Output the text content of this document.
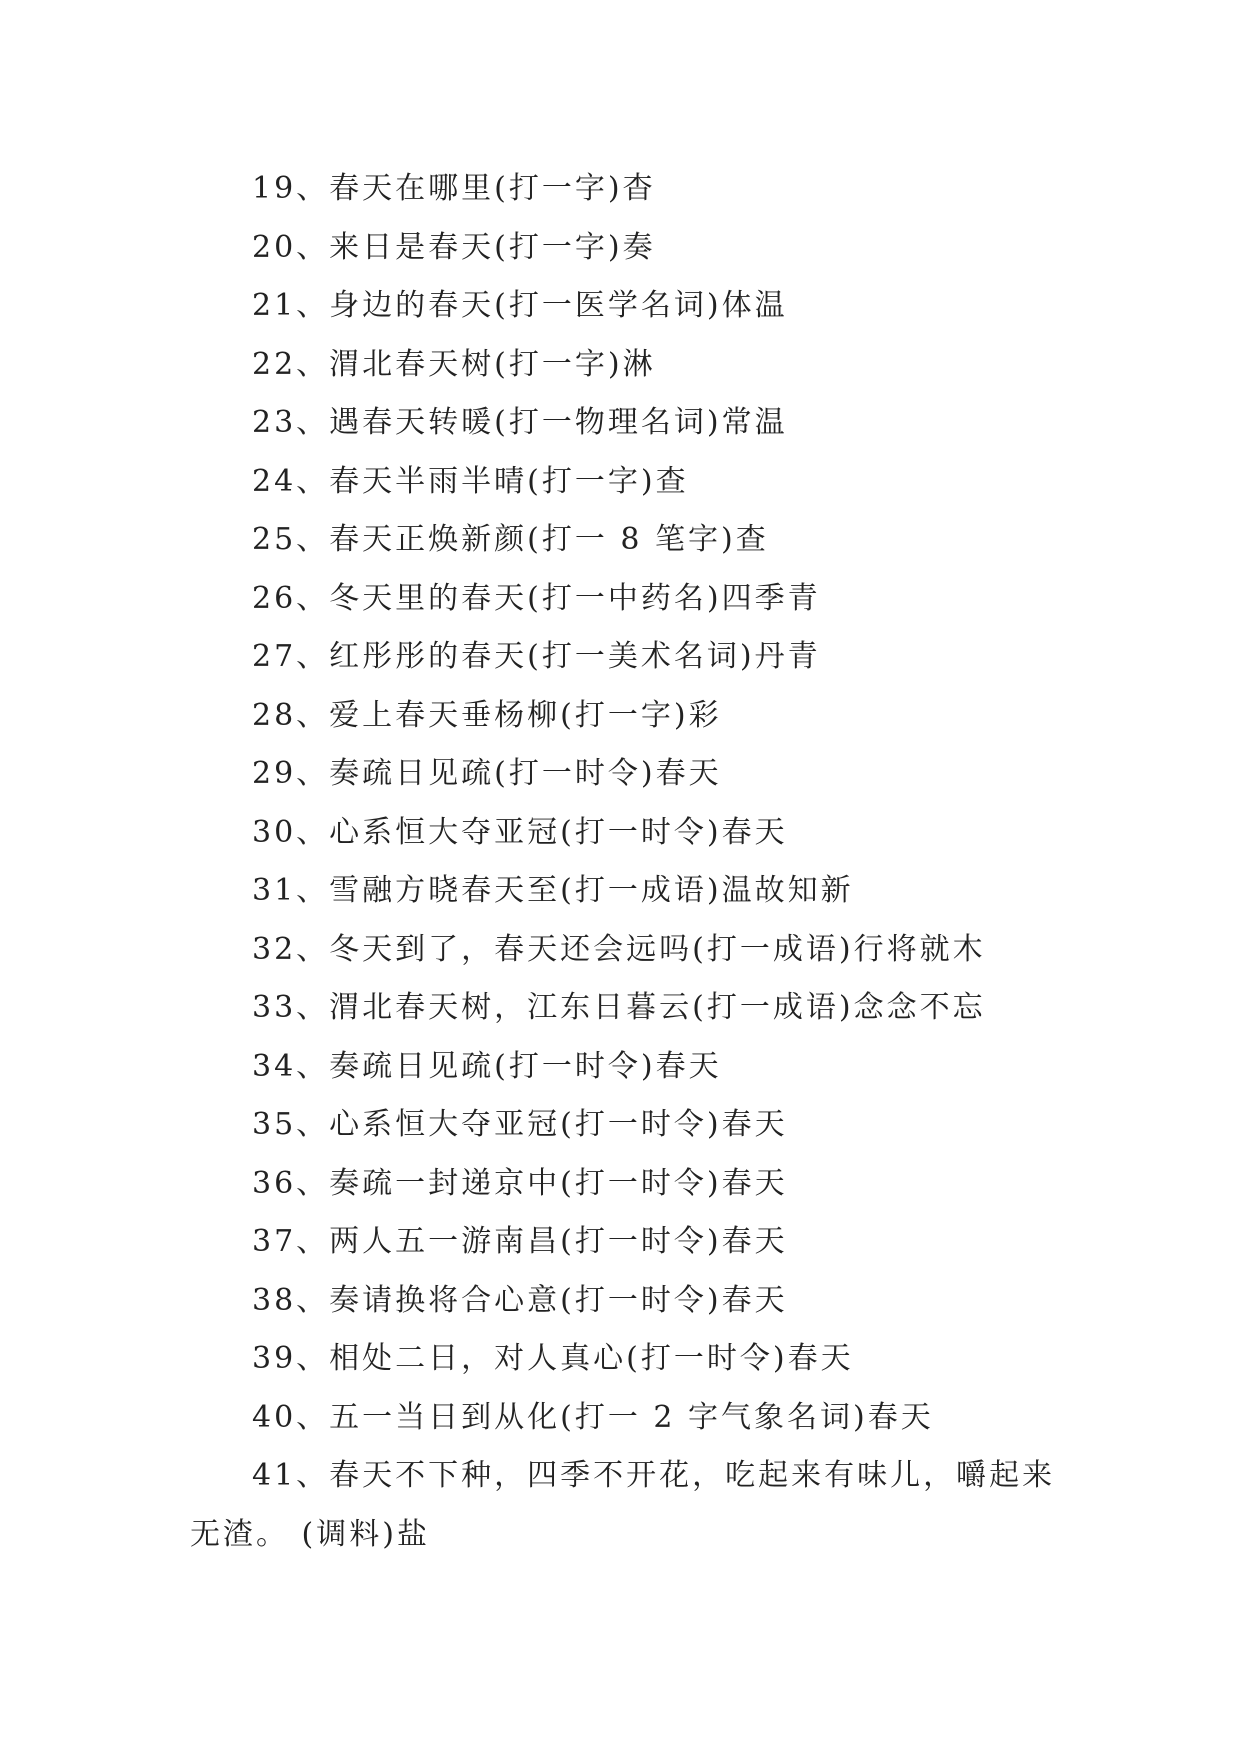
19、春天在哪里(打一字)杳
20、来日是春天(打一字)奏
21、身边的春天(打一医学名词)体温
22、渭北春天树(打一字)淋
23、遇春天转暖(打一物理名词)常温
24、春天半雨半晴(打一字)查
25、春天正焕新颜(打一 8 笔字)查
26、冬天里的春天(打一中药名)四季青
27、红彤彤的春天(打一美术名词)丹青
28、爱上春天垂杨柳(打一字)彩
29、奏疏日见疏(打一时令)春天
30、心系恒大夺亚冠(打一时令)春天
31、雪融方晓春天至(打一成语)温故知新
32、冬天到了，春天还会远吗(打一成语)行将就木
33、渭北春天树，江东日暮云(打一成语)念念不忘
34、奏疏日见疏(打一时令)春天
35、心系恒大夺亚冠(打一时令)春天
36、奏疏一封递京中(打一时令)春天
37、两人五一游南昌(打一时令)春天
38、奏请换将合心意(打一时令)春天
39、相处二日，对人真心(打一时令)春天
40、五一当日到从化(打一 2 字气象名词)春天
41、春天不下种，四季不开花，吃起来有味儿，嚼起来无渣。 (调料)盐
